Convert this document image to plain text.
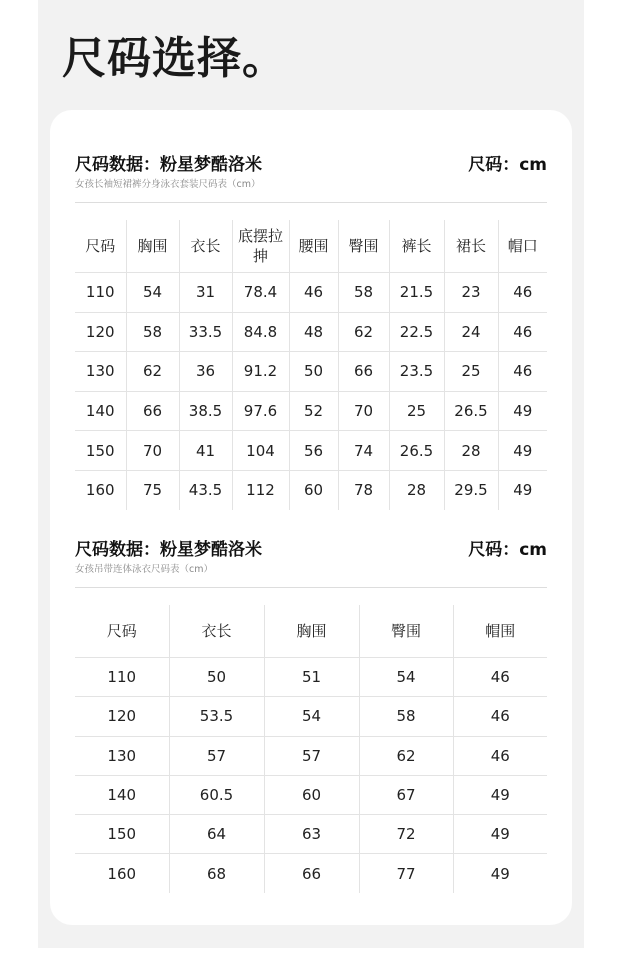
尺码选择。
尺码数据：粉星梦酷洛米	尺码：cm
女孩长袖短裙裤分身泳衣套装尺码表（cm）
尺码	胸围	衣长	底摆拉抻	腰围	臀围	裤长	裙长	帽口
110	54	31	78.4	46	58	21.5	23	46
120	58	33.5	84.8	48	62	22.5	24	46
130	62	36	91.2	50	66	23.5	25	46
140	66	38.5	97.6	52	70	25	26.5	49
150	70	41	104	56	74	26.5	28	49
160	75	43.5	112	60	78	28	29.5	49
尺码数据：粉星梦酷洛米	尺码：cm
女孩吊带连体泳衣尺码表（cm）
尺码	衣长	胸围	臀围	帽围
110	50	51	54	46
120	53.5	54	58	46
130	57	57	62	46
140	60.5	60	67	49
150	64	63	72	49
160	68	66	77	49
